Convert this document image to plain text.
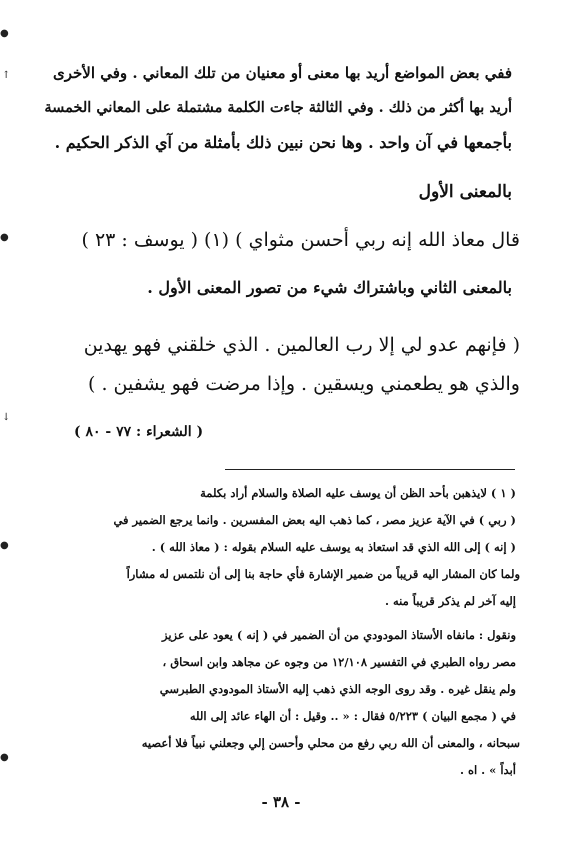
●
↑
●
↓
●
●
ففي بعض المواضع أريد بها معنى أو معنيان من تلك المعاني . وفي الأخرى
أريد بها أكثر من ذلك . وفي الثالثة جاءت الكلمة مشتملة على المعاني الخمسة
بأجمعها في آن واحد . وها نحن نبين ذلك بأمثلة من آي الذكر الحكيم .
بالمعنى الأول
قال معاذ الله إنه ربي أحسن مثواي ) (١) ( يوسف : ٢٣ )
بالمعنى الثاني وباشتراك شيء من تصور المعنى الأول .
( فإنهم عدو لي إلا رب العالمين . الذي خلقني فهو يهدين
والذي هو يطعمني ويسقين . وإذا مرضت فهو يشفين . )
( الشعراء : ٧٧ - ٨٠ )
( ١ ) لايذهبن بأحد الظن أن يوسف عليه الصلاة والسلام أراد بكلمة
( ربي ) في الآية عزيز مصر ، كما ذهب اليه بعض المفسرين . وانما يرجع الضمير في
( إنه ) إلى الله الذي قد استعاذ به يوسف عليه السلام بقوله : ( معاذ الله ) .
ولما كان المشار اليه قريباً من ضمير الإشارة فأي حاجة بنا إلى أن نلتمس له مشاراً
إليه آخر لم يذكر قريباً منه .
ونقول : مانفاه الأستاذ المودودي من أن الضمير في ( إنه ) يعود على عزيز
مصر رواه الطبري في التفسير ١٢/١٠٨ من وجوه عن مجاهد وابن اسحاق ،
ولم ينقل غيره . وقد روى الوجه الذي ذهب إليه الأستاذ المودودي الطبرسي
في ( مجمع البيان ) ٥/٢٢٣ فقال : « .. وقيل : أن الهاء عائد إلى الله
سبحانه ، والمعنى أن الله ربي رفع من محلي وأحسن إلي وجعلني نبياً فلا أعصيه
أبداً » . اه .
- ٣٨ -
